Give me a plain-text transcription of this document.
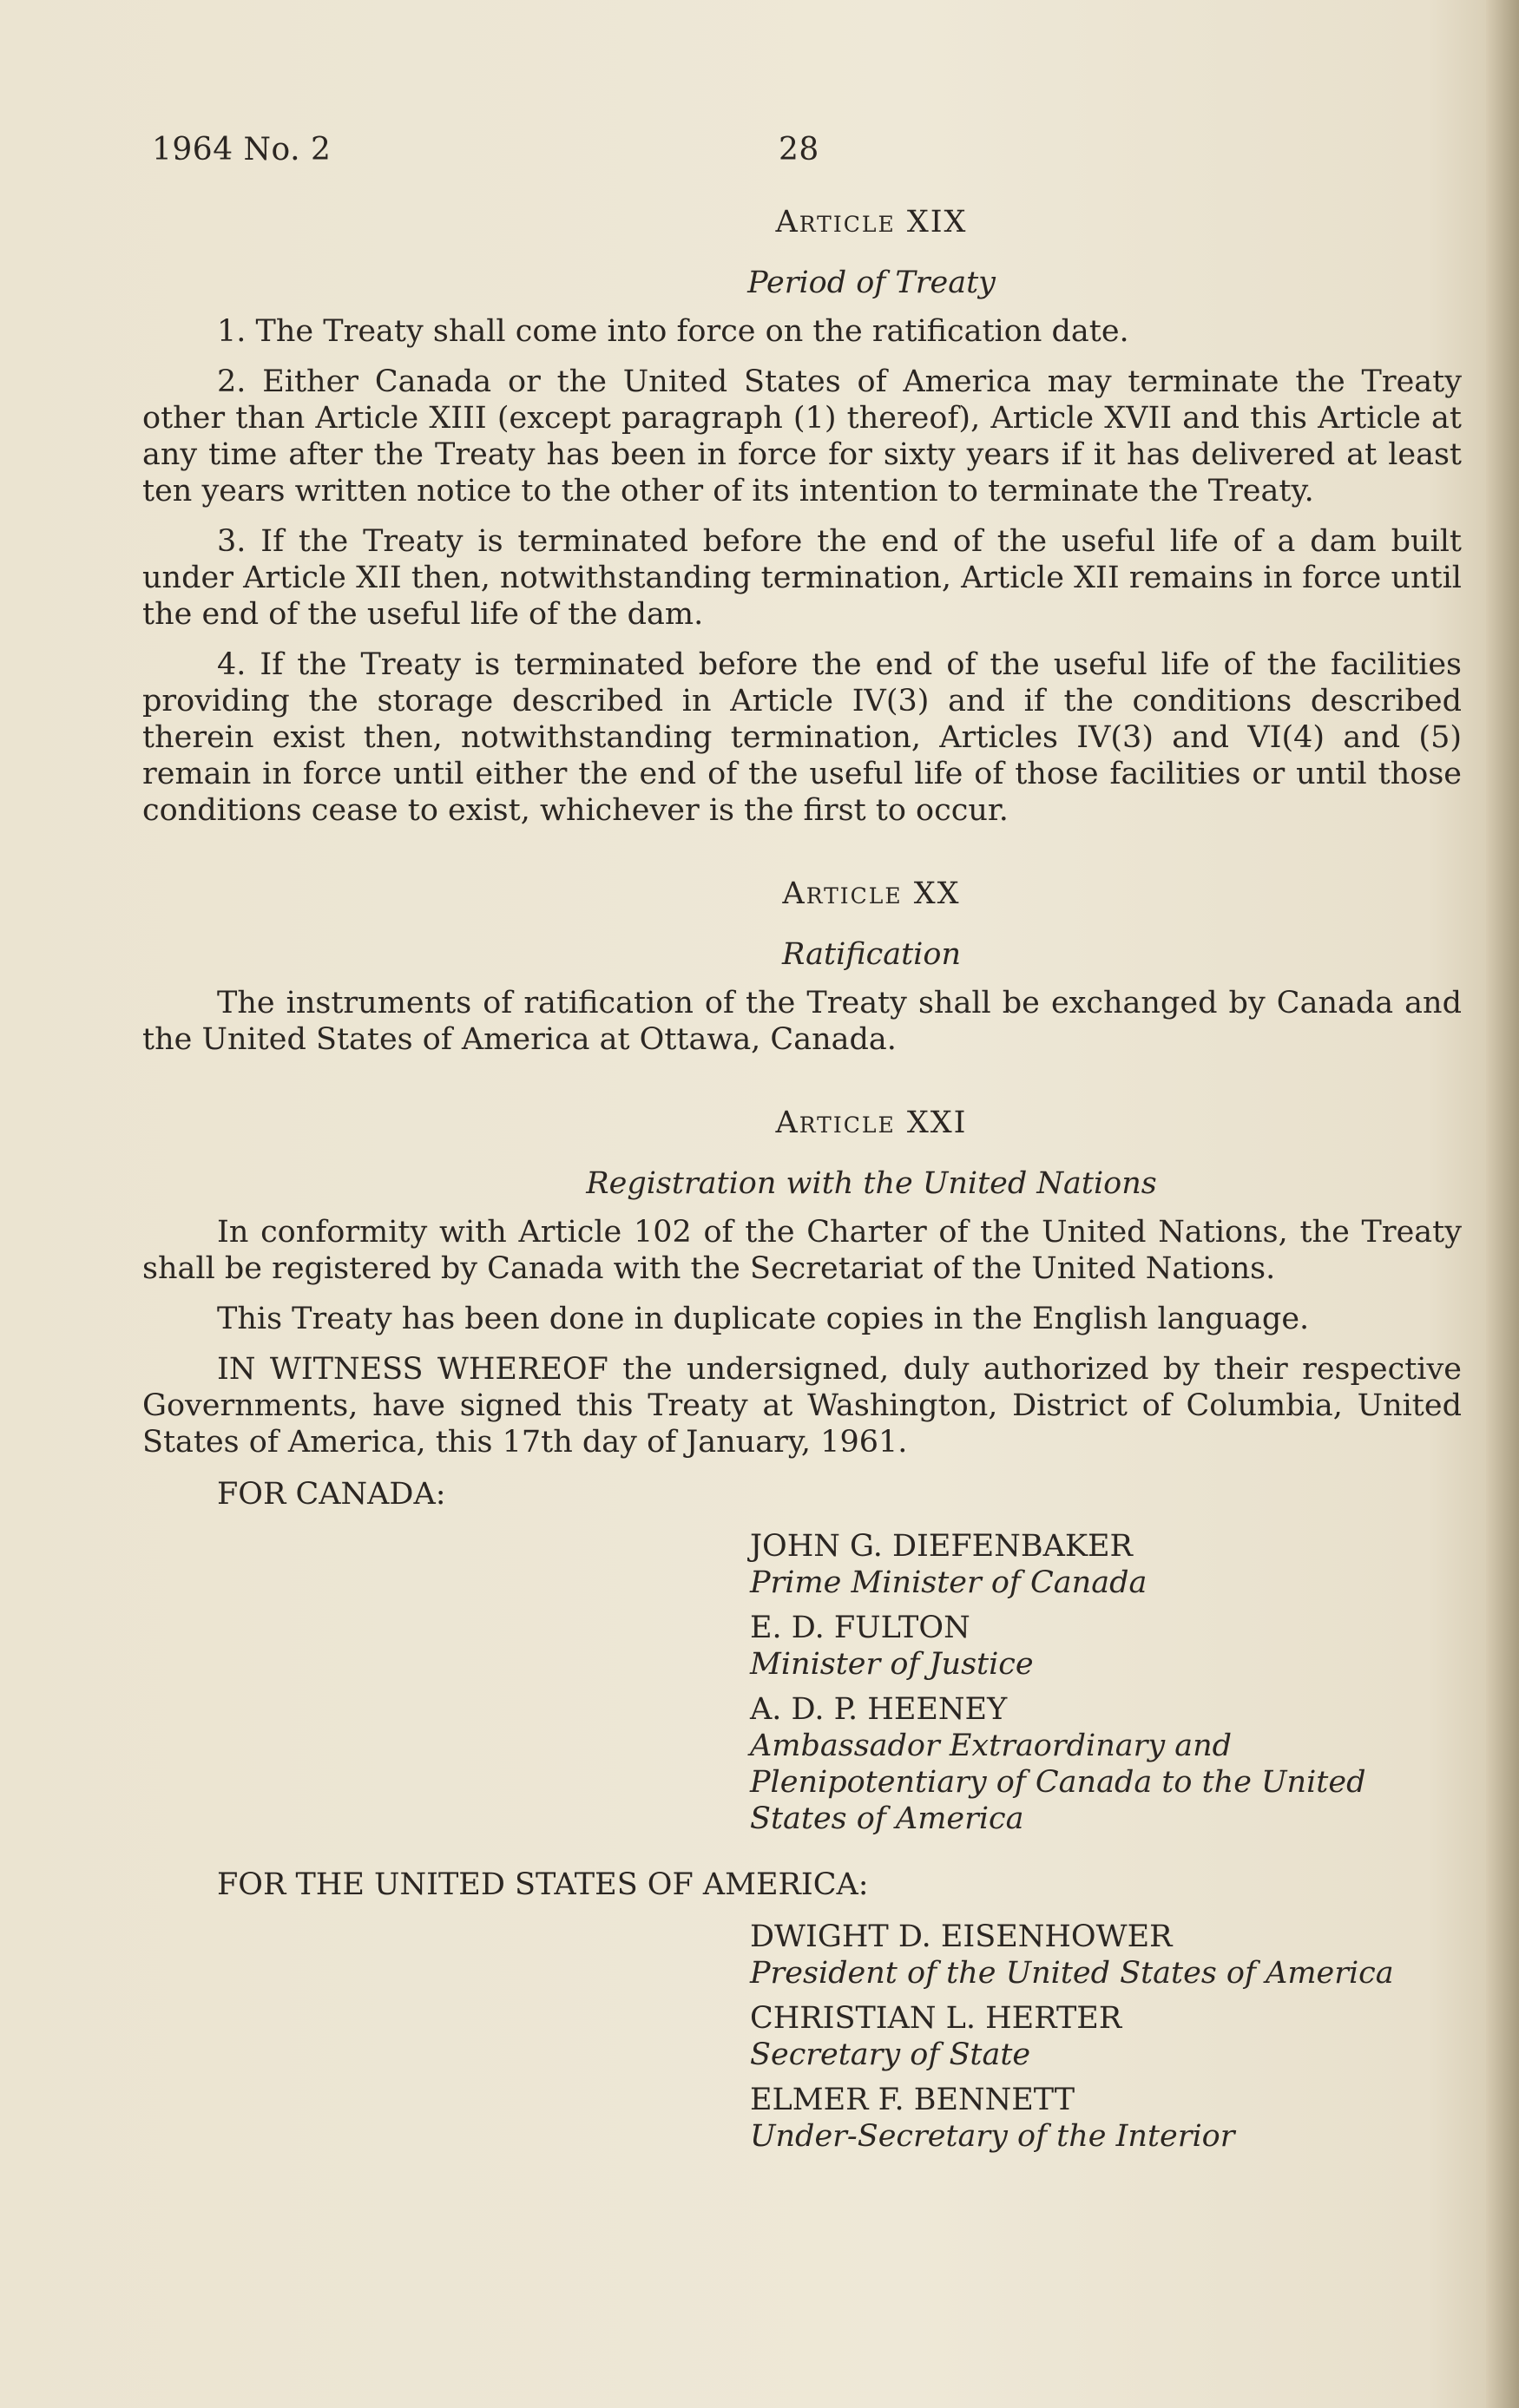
1964 No. 2	28
Article XIX
Period of Treaty

1. The Treaty shall come into force on the ratification date.

2. Either Canada or the United States of America may terminate the Treaty other than Article XIII (except paragraph (1) thereof), Article XVII and this Article at any time after the Treaty has been in force for sixty years if it has delivered at least ten years written notice to the other of its intention to terminate the Treaty.

3. If the Treaty is terminated before the end of the useful life of a dam built under Article XII then, notwithstanding termination, Article XII remains in force until the end of the useful life of the dam.

4. If the Treaty is terminated before the end of the useful life of the facilities providing the storage described in Article IV(3) and if the conditions described therein exist then, notwithstanding termination, Articles IV(3) and VI(4) and (5) remain in force until either the end of the useful life of those facilities or until those conditions cease to exist, whichever is the first to occur.

Article XX
Ratification

The instruments of ratification of the Treaty shall be exchanged by Canada and the United States of America at Ottawa, Canada.

Article XXI
Registration with the United Nations

In conformity with Article 102 of the Charter of the United Nations, the Treaty shall be registered by Canada with the Secretariat of the United Nations.

This Treaty has been done in duplicate copies in the English language.

IN WITNESS WHEREOF the undersigned, duly authorized by their respective Governments, have signed this Treaty at Washington, District of Columbia, United States of America, this 17th day of January, 1961.

FOR CANADA:
JOHN G. DIEFENBAKER
Prime Minister of Canada
E. D. FULTON
Minister of Justice
A. D. P. HEENEY
Ambassador Extraordinary and Plenipotentiary of Canada to the United States of America
FOR THE UNITED STATES OF AMERICA:
DWIGHT D. EISENHOWER
President of the United States of America
CHRISTIAN L. HERTER
Secretary of State
ELMER F. BENNETT
Under-Secretary of the Interior
